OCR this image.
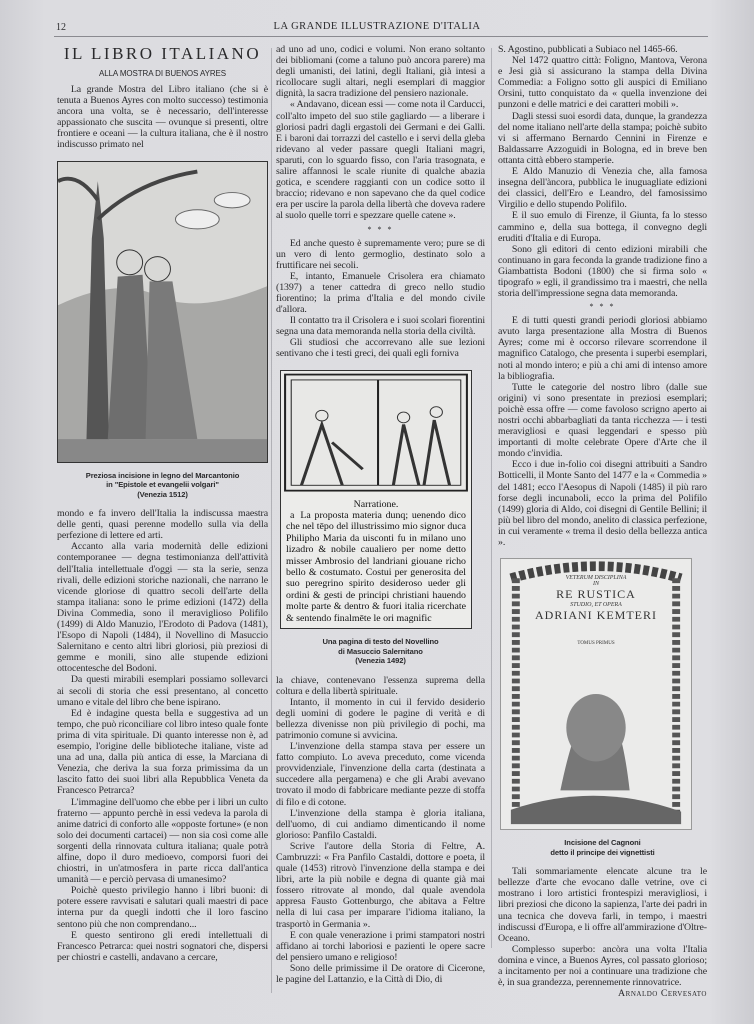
12	LA GRANDE ILLUSTRAZIONE D'ITALIA
IL LIBRO ITALIANO
ALLA MOSTRA DI BUENOS AYRES

La grande Mostra del Libro italiano (che si è tenuta a Buenos Ayres con molto successo) testimonia ancora una volta, se è necessario, dell'interesse appassionato che suscita — ovunque si presenti, oltre frontiere e oceani — la cultura italiana, che è il nostro indiscusso primato nel

Preziosa incisione in legno del Marcantonio
in "Epistole et evangelii volgari"
(Venezia 1512)

mondo e fa invero dell'Italia la indiscussa maestra delle genti, quasi perenne modello sulla via della perfezione di lettere ed arti.

Accanto alla varia modernità delle edizioni contemporanee — degna testimonianza dell'attività dell'Italia intellettuale d'oggi — sta la serie, senza rivali, delle edizioni storiche nazionali, che narrano le vicende gloriose di quattro secoli dell'arte della stampa italiana: sono le prime edizioni (1472) della Divina Commedia, sono il meraviglioso Polifilo (1499) di Aldo Manuzio, l'Erodoto di Padova (1481), l'Esopo di Napoli (1484), il Novellino di Masuccio Salernitano e cento altri libri gloriosi, più preziosi di gemme e monili, sino alle stupende edizioni ottocentesche del Bodoni.

Da questi mirabili esemplari possiamo sollevarci ai secoli di storia che essi presentano, al concetto umano e vitale del libro che bene ispirano.

Ed è indagine questa bella e suggestiva ad un tempo, che può riconciliare col libro inteso quale fonte prima di vita spirituale. Di quanto interesse non è, ad esempio, l'origine delle biblioteche italiane, viste ad una ad una, dalla più antica di esse, la Marciana di Venezia, che deriva la sua forza primissima da un lascito fatto dei suoi libri alla Repubblica Veneta da Francesco Petrarca?

L'immagine dell'uomo che ebbe per i libri un culto fraterno — appunto perchè in essi vedeva la parola di anime datrici di conforto alle «opposte fortune» (e non solo dei documenti cartacei) — non sia così come alle sorgenti della rinnovata cultura italiana; quale potrà alfine, dopo il duro medioevo, comporsi fuori dei chiostri, in un'atmosfera in parte ricca dall'antica umanità — e perciò pervasa di umanesimo?

Poichè questo privilegio hanno i libri buoni: di potere essere ravvisati e salutari quali maestri di pace interna pur da quegli indotti che il loro fascino sentono più che non comprendano...

E questo sentirono gli eredi intellettuali di Francesco Petrarca: quei nostri sognatori che, dispersi per chiostri e castelli, andavano a cercare,

ad uno ad uno, codici e volumi. Non erano soltanto dei bibliomani (come a taluno può ancora parere) ma degli umanisti, dei latini, degli Italiani, già intesi a ricollocare sugli altari, negli esemplari di maggior dignità, la sacra tradizione del pensiero nazionale.

« Andavano, dicean essi — come nota il Carducci, coll'alto impeto del suo stile gagliardo — a liberare i gloriosi padri dagli ergastoli dei Germani e dei Galli. E i baroni dai torrazzi del castello e i servi della gleba ridevano al veder passare quegli Italiani magri, sparuti, con lo sguardo fisso, con l'aria trasognata, e salire affannosi le scale riunite di qualche abazia gotica, e scendere raggianti con un codice sotto il braccio; ridevano e non sapevano che da quel codice era per uscire la parola della libertà che doveva radere al suolo quelle torri e spezzare quelle catene ».

* * *

Ed anche questo è supremamente vero; pure se di un vero di lento germoglio, destinato solo a fruttificare nei secoli.

E, intanto, Emanuele Crisolera era chiamato (1397) a tener cattedra di greco nello studio fiorentino; la prima d'Italia e del mondo civile d'allora.

Il contatto tra il Crisolera e i suoi scolari fiorentini segna una data memoranda nella storia della civiltà.

Gli studiosi che accorrevano alle sue lezioni sentivano che i testi greci, dei quali egli forniva

Narratione.
a La proposta materia dunq; uenendo dico che nel tēpo del illustrissimo mio signor duca Philipho Maria da uisconti fu in milano uno lizadro & nobile caualiero per nome detto misser Ambrosio del landriani giouane richo bello & costumato. Costui per generosita del suo peregrino spirito desideroso ueder gli ordini & gesti de principi christiani hauendo molte parte & dentro & fuori italia ricerchate & sentendo finalmēte le ori magnific
Una pagina di testo del Novellino
di Masuccio Salernitano
(Venezia 1492)

la chiave, contenevano l'essenza suprema della coltura e della libertà spirituale.

Intanto, il momento in cui il fervido desiderio degli uomini di godere le pagine di verità e di bellezza divenisse non più privilegio di pochi, ma patrimonio comune si avvicina.

L'invenzione della stampa stava per essere un fatto compiuto. Lo aveva preceduto, come vicenda provvidenziale, l'invenzione della carta (destinata a succedere alla pergamena) e che gli Arabi avevano trovato il modo di fabbricare mediante pezze di stoffa di filo e di cotone.

L'invenzione della stampa è gloria italiana, dell'uomo, di cui andiamo dimenticando il nome glorioso: Panfilo Castaldi.

Scrive l'autore della Storia di Feltre, A. Cambruzzi: « Fra Panfilo Castaldi, dottore e poeta, il quale (1453) ritrovò l'invenzione della stampa e dei libri, arte la più nobile e degna di quante già mai fossero ritrovate al mondo, dal quale avendola appresa Fausto Gottenburgo, che abitava a Feltre nella di lui casa per imparare l'idioma italiano, la trasportò in Germania ».

E con quale venerazione i primi stampatori nostri affidano ai torchi laboriosi e pazienti le opere sacre del pensiero umano e religioso!

Sono delle primissime il De oratore di Cicerone, le pagine del Lattanzio, e la Città di Dio, di

S. Agostino, pubblicati a Subiaco nel 1465-66.

Nel 1472 quattro città: Foligno, Mantova, Verona e Jesi già si assicurano la stampa della Divina Commedia: a Foligno sotto gli auspici di Emiliano Orsini, tutto conquistato da « quella invenzione dei punzoni e delle matrici e dei caratteri mobili ».

Dagli stessi suoi esordi data, dunque, la grandezza del nome italiano nell'arte della stampa; poichè subito vi si affermano Bernardo Cennini in Firenze e Baldassarre Azzoguidi in Bologna, ed in breve ben ottanta città ebbero stamperie.

E Aldo Manuzio di Venezia che, alla famosa insegna dell'àncora, pubblica le inuguagliate edizioni dei classici, dell'Ero e Leandro, del famosissimo Virgilio e dello stupendo Polifilo.

E il suo emulo di Firenze, il Giunta, fa lo stesso cammino e, della sua bottega, il convegno degli eruditi d'Italia e di Europa.

Sono gli editori di cento edizioni mirabili che continuano in gara feconda la grande tradizione fino a Giambattista Bodoni (1800) che si firma solo « tipografo » egli, il grandissimo tra i maestri, che nella storia dell'impressione segna data memoranda.

* * *

E di tutti questi grandi periodi gloriosi abbiamo avuto larga presentazione alla Mostra di Buenos Ayres; come mi è occorso rilevare scorrendone il magnifico Catalogo, che presenta i superbi esemplari, noti al mondo intero; e più a chi ami di intenso amore la bibliografia.

Tutte le categorie del nostro libro (dalle sue origini) vi sono presentate in preziosi esemplari; poichè essa offre — come favoloso scrigno aperto ai nostri occhi abbarbagliati da tanta ricchezza — i testi meravigliosi e quasi leggendari e spesso più importanti di molte celebrate Opere d'Arte che il mondo c'invidia.

Ecco i due in-folio coi disegni attribuiti a Sandro Botticelli, il Monte Santo del 1477 e la « Commedia » del 1481; ecco l'Aesopus di Napoli (1485) il più raro forse degli incunaboli, ecco la prima del Polifilo (1499) gloria di Aldo, coi disegni di Gentile Bellini; il più bel libro del mondo, anelito di classica perfezione, in cui veramente « trema il desio della bellezza antica ».

VETERUM DISCIPLINA
IN
RE RUSTICA
STUDIO, ET OPERA
ADRIANI KEMTERI
TOMUS PRIMUS
Incisione del Cagnoni
detto il principe dei vignettisti

Tali sommariamente elencate alcune tra le bellezze d'arte che evocano dalle vetrine, ove ci mostrano i loro artistici frontespizi meravigliosi, i libri preziosi che dicono la sapienza, l'arte dei padri in una tecnica che doveva farli, in tempo, i maestri indiscussi d'Europa, e li offre all'ammirazione d'Oltre-Oceano.

Complesso superbo: ancòra una volta l'Italia domina e vince, a Buenos Ayres, col passato glorioso; a incitamento per noi a continuare una tradizione che è, in sua grandezza, perennemente rinnovatrice.
Arnaldo Cervesato
